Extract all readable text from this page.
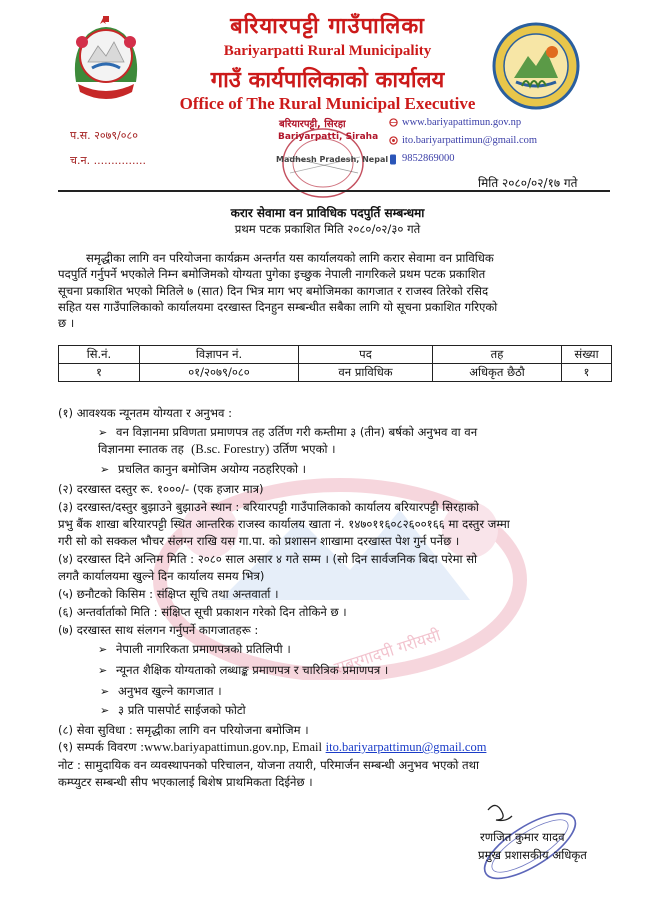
बरियारपट्टी गाउँपालिका
Bariyarpatti Rural Municipality
गाउँ कार्यपालिकाको कार्यालय
Office of The Rural Municipal Executive
प.स. २०७९/०८०
च.न. ...............
बरियारपट्टी, सिरहा
Bariyarpatti, Siraha
Madhesh Pradesh, Nepal
www.bariyapattimun.gov.np
ito.bariyarpattimun@gmail.com
9852869000
मिति २०८०/०२/१७ गते
करार सेवामा वन प्राविधिक पदपुर्ति सम्बन्धमा
प्रथम पटक प्रकाशित मिति २०८०/०२/३० गते

समृद्धीका लागि वन परियोजना कार्यक्रम अन्तर्गत यस कार्यालयको लागि करार सेवामा वन प्राविधिक

पदपुर्ति गर्नुपर्ने भएकोले निम्न बमोजिमको योग्यता पुगेका इच्छुक नेपाली नागरिकले प्रथम पटक प्रकाशित

सूचना प्रकाशित भएको मितिले ७ (सात) दिन भित्र माग भए बमोजिमका कागजात र राजस्व तिरेको रसिद

सहित यस गाउँपालिकाको कार्यालयमा दरखास्त दिनहुन सम्बन्धीत सबैका लागि यो सूचना प्रकाशित गरिएको

छ ।

सि.नं.	विज्ञापन नं.	पद	तह	संख्या
१	०१/२०७९/०८०	वन प्राविधिक	अधिकृत छैठौ	१
सबरगादपी गरीयसी
(१) आवश्यक न्यूनतम योग्यता र अनुभव :
➢ वन विज्ञानमा प्रविणता प्रमाणपत्र तह उर्तिण गरी कम्तीमा ३ (तीन) बर्षको अनुभव वा वन
विज्ञानमा स्नातक तह (B.sc. Forestry) उर्तिण भएको ।
➢ प्रचलित कानुन बमोजिम अयोग्य नठहरिएको ।
(२) दरखास्त दस्तुर रू. १०००/- (एक हजार मात्र)
(३) दरखास्त/दस्तुर बुझाउने बुझाउने स्थान : बरियारपट्टी गाउँपालिकाको कार्यालय बरियारपट्टी सिरहाको
प्रभु बैंक शाखा बरियारपट्टी स्थित आन्तरिक राजस्व कार्यालय खाता नं. १४७०११६०८२६००१६६ मा दस्तुर जम्मा
गरी सो को सक्कल भौचर संलग्न राखि यस गा.पा. को प्रशासन शाखामा दरखास्त पेश गुर्न पर्नेछ ।
(४) दरखास्त दिने अन्तिम मिति : २०८० साल असार ४ गते सम्म । (सो दिन सार्वजनिक बिदा परेमा सो
लगतै कार्यालयमा खुल्ने दिन कार्यालय समय भित्र)
(५) छनौटको किसिम : संक्षिप्त सूचि तथा अन्तवार्ता ।
(६) अन्तर्वार्ताको मिति : संक्षिप्त सूची प्रकाशन गरेको दिन तोकिने छ ।
(७) दरखास्त साथ संलगन गर्नुपर्ने कागजातहरू :
➢ नेपाली नागरिकता प्रमाणपत्रको प्रतिलिपी ।
➢ न्यूनत शैक्षिक योग्यताको लब्धाङ्क प्रमाणपत्र र चारित्रिक प्रमाणपत्र ।
➢ अनुभव खुल्ने कागजात ।
➢ ३ प्रति पासपोर्ट साईजको फोटो
(८) सेवा सुविधा : समृद्धीका लागि वन परियोजना बमोजिम ।
(९) सम्पर्क विवरण :www.bariyapattimun.gov.np, Email ito.bariyarpattimun@gmail.com
नोट : सामुदायिक वन व्यवस्थापनको परिचालन, योजना तयारी, परिमार्जन सम्बन्धी अनुभव भएको तथा
कम्प्युटर सम्बन्धी सीप भएकालाई बिशेष प्राथमिकता दिईनेछ ।
रणजित कुमार यादव
प्रमुख प्रशासकीय अधिकृत
